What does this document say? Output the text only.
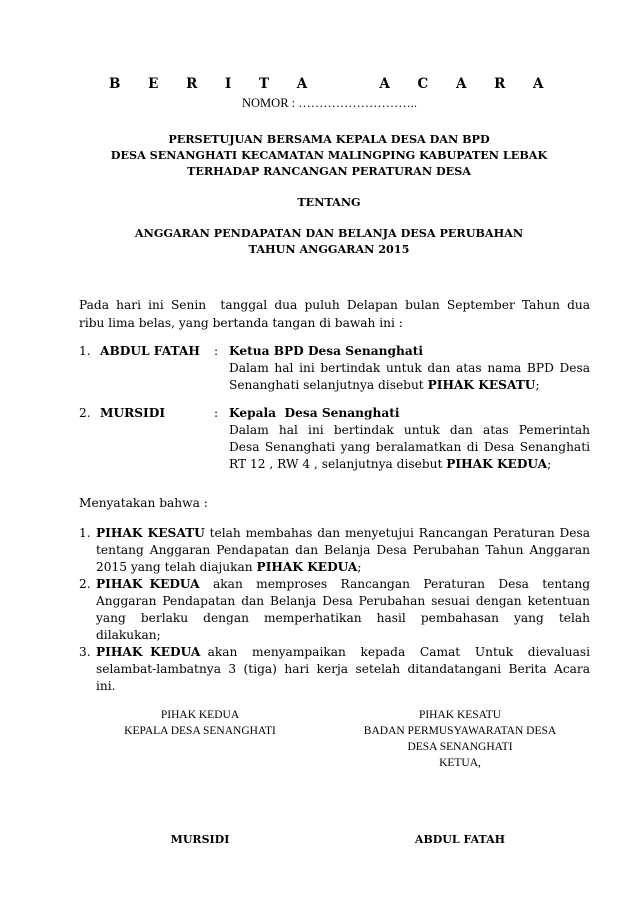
B E R I T A   A C A R A
NOMOR : ………………………..
PERSETUJUAN BERSAMA KEPALA DESA DAN BPD
DESA SENANGHATI KECAMATAN MALINGPING KABUPATEN LEBAK
TERHADAP RANCANGAN PERATURAN DESA
TENTANG
ANGGARAN PENDAPATAN DAN BELANJA DESA PERUBAHAN
TAHUN ANGGARAN 2015
Pada hari ini Senin  tanggal dua puluh Delapan bulan September Tahun dua
ribu lima belas, yang bertanda tangan di bawah ini :
1. ABDUL FATAH : Ketua BPD Desa Senanghati
Dalam hal ini bertindak untuk dan atas nama BPD Desa
Senanghati selanjutnya disebut PIHAK KESATU;
2. MURSIDI	: Kepala  Desa Senanghati
Dalam  hal  ini  bertindak  untuk  dan  atas  Pemerintah
Desa Senanghati yang beralamatkan di Desa Senanghati
RT 12 , RW 4 , selanjutnya disebut PIHAK KEDUA;
Menyatakan bahwa :
1. PIHAK KESATU telah membahas dan menyetujui Rancangan Peraturan Desa
tentang Anggaran Pendapatan dan Belanja Desa Perubahan Tahun Anggaran
2015 yang telah diajukan PIHAK KEDUA;
2. PIHAK KEDUA  akan  memproses  Rancangan  Peraturan  Desa  tentang
Anggaran Pendapatan dan Belanja Desa Perubahan sesuai dengan ketentuan
yang  berlaku  dengan  memperhatikan  hasil  pembahasan  yang  telah
dilakukan;
3. PIHAK KEDUA akan  menyampaikan  kepada  Camat  Untuk  dievaluasi
selambat-lambatnya 3 (tiga) hari kerja setelah ditandatangani Berita Acara
ini.
PIHAK KEDUA
KEPALA DESA SENANGHATI
PIHAK KESATU
BADAN PERMUSYAWARATAN DESA
DESA SENANGHATI
KETUA,
MURSIDI	ABDUL FATAH
